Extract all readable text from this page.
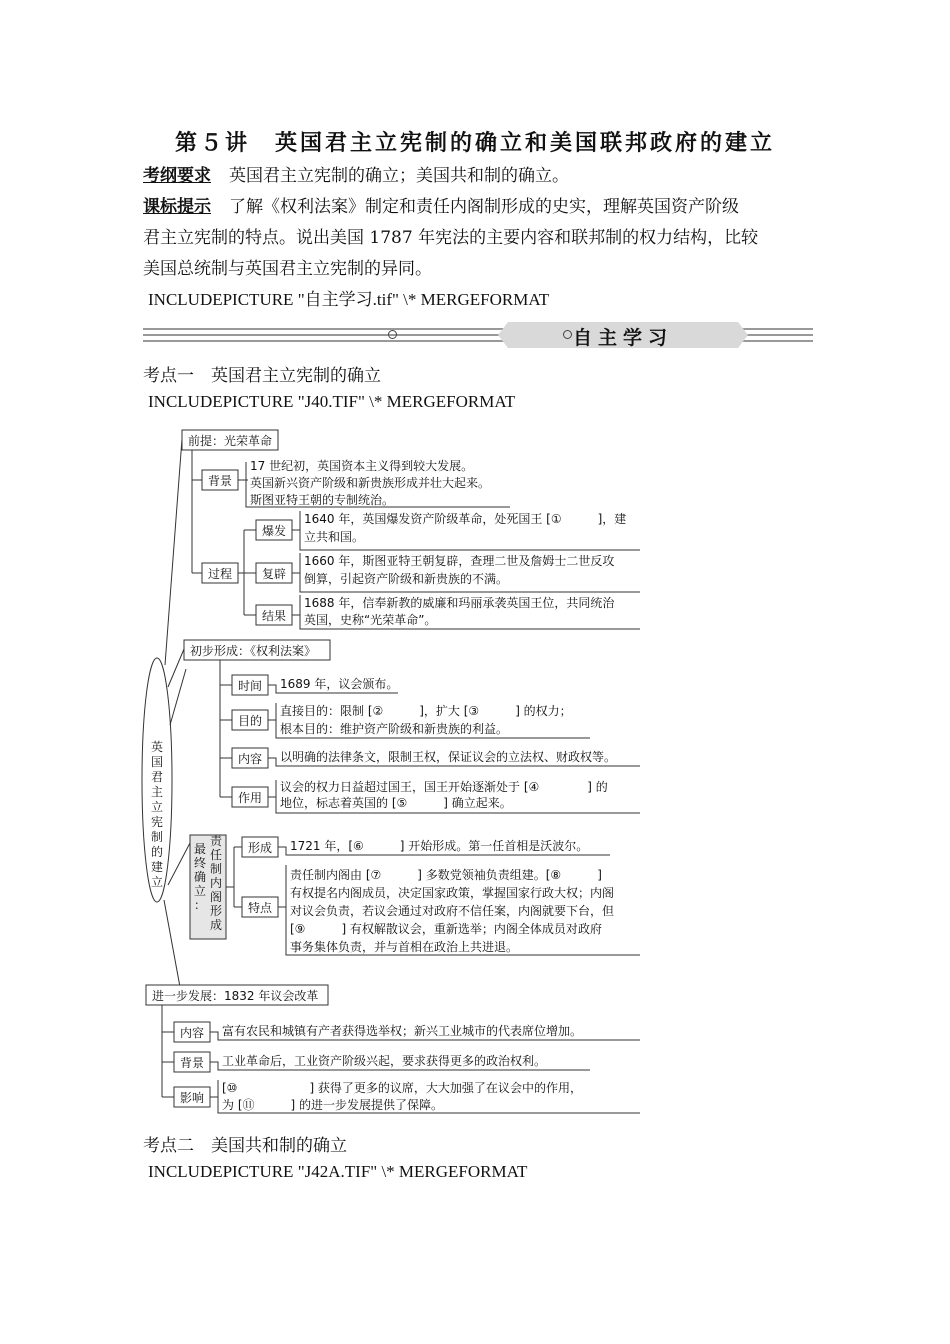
第５讲　英国君主立宪制的确立和美国联邦政府的建立
考纲要求 英国君主立宪制的确立；美国共和制的确立。
课标提示 了解《权利法案》制定和责任内阁制形成的史实，理解英国资产阶级
君主立宪制的特点。说出美国 1787 年宪法的主要内容和联邦制的权力结构，比较
美国总统制与英国君主立宪制的异同。
INCLUDEPICTURE "自主学习.tif" \* MERGEFORMAT
自主学习
考点一　英国君主立宪制的确立
INCLUDEPICTURE "J40.TIF" \* MERGEFORMAT
英
国
君
主
立
宪
制
的
建
立
前提：光荣革命
背景
17 世纪初，英国资本主义得到较大发展。
英国新兴资产阶级和新贵族形成并壮大起来。
斯图亚特王朝的专制统治。
过程
爆发
1640 年，英国爆发资产阶级革命，处死国王 [①　　　]，建
立共和国。
复辟
1660 年，斯图亚特王朝复辟，查理二世及詹姆士二世反攻
倒算，引起资产阶级和新贵族的不满。
结果
1688 年，信奉新教的威廉和玛丽承袭英国王位，共同统治
英国，史称“光荣革命”。
初步形成：《权利法案》
时间 1689 年，议会颁布。
目的
直接目的：限制 [②　　　]，扩大 [③　　　] 的权力；
根本目的：维护资产阶级和新贵族的利益。
内容 以明确的法律条文，限制王权，保证议会的立法权、财政权等。
作用
议会的权力日益超过国王，国王开始逐渐处于 [④　　　　] 的
地位，标志着英国的 [⑤　　　] 确立起来。
最
终
确
立
：
责
任
制
内
阁
形
成
形成 1721 年，[⑥　　　] 开始形成。第一任首相是沃波尔。
特点
责任制内阁由 [⑦　　　] 多数党领袖负责组建。[⑧　　　]
有权提名内阁成员，决定国家政策，掌握国家行政大权；内阁
对议会负责，若议会通过对政府不信任案，内阁就要下台，但
[⑨　　　] 有权解散议会，重新选举；内阁全体成员对政府
事务集体负责，并与首相在政治上共进退。
进一步发展：1832 年议会改革
内容 富有农民和城镇有产者获得选举权；新兴工业城市的代表席位增加。
背景 工业革命后，工业资产阶级兴起，要求获得更多的政治权利。
影响
[⑩　　　　　　] 获得了更多的议席，大大加强了在议会中的作用，
为 [⑪　　　] 的进一步发展提供了保障。
考点二　美国共和制的确立
INCLUDEPICTURE "J42A.TIF" \* MERGEFORMAT
